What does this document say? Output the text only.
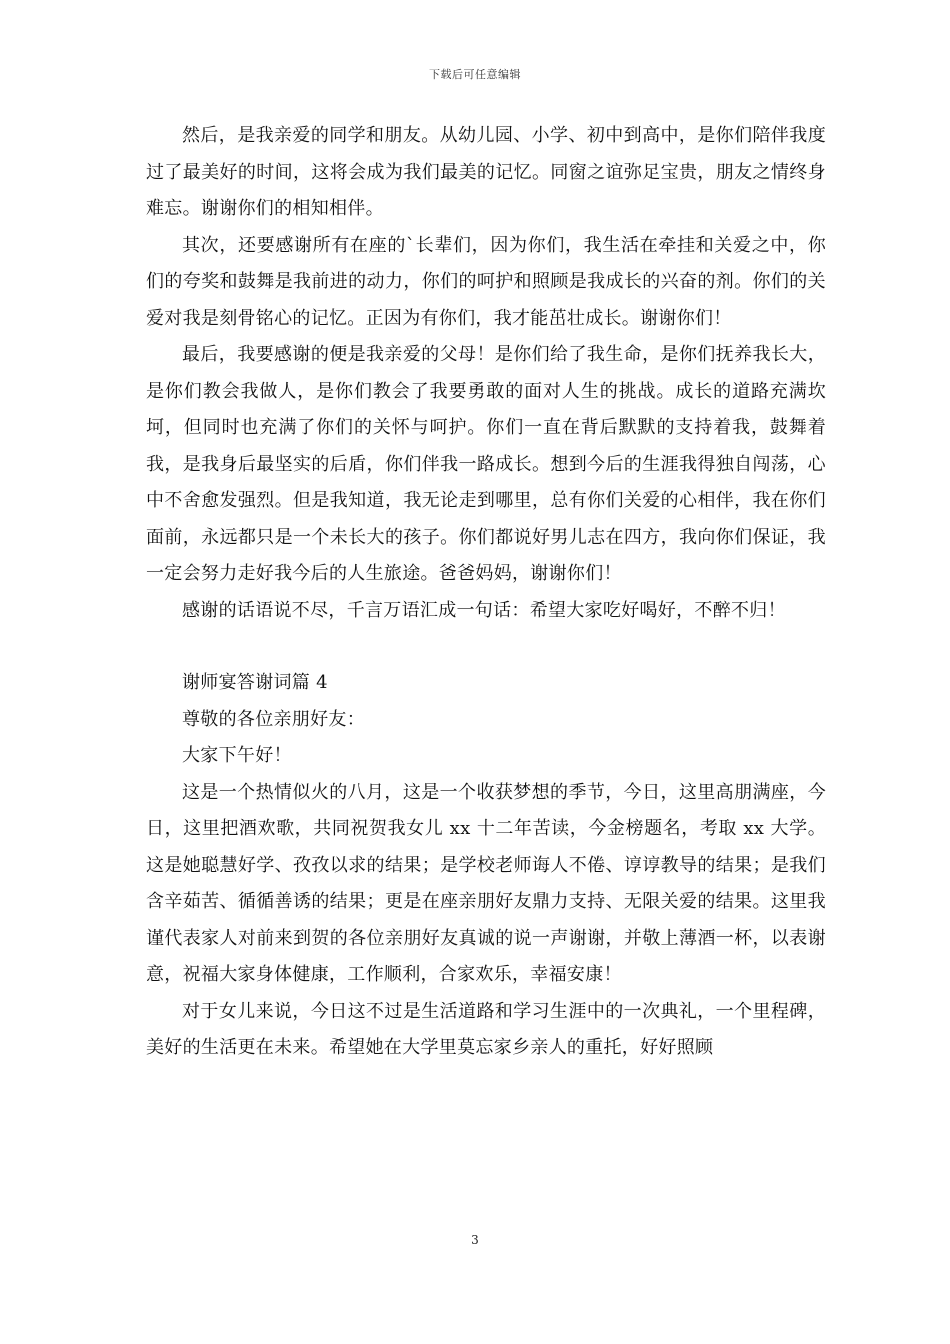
下载后可任意编辑

然后，是我亲爱的同学和朋友。从幼儿园、小学、初中到高中，是你们陪伴我度过了最美好的时间，这将会成为我们最美的记忆。同窗之谊弥足宝贵，朋友之情终身难忘。谢谢你们的相知相伴。

其次，还要感谢所有在座的`长辈们，因为你们，我生活在牵挂和关爱之中，你们的夸奖和鼓舞是我前进的动力，你们的呵护和照顾是我成长的兴奋的剂。你们的关爱对我是刻骨铭心的记忆。正因为有你们，我才能茁壮成长。谢谢你们！

最后，我要感谢的便是我亲爱的父母！是你们给了我生命，是你们抚养我长大，是你们教会我做人，是你们教会了我要勇敢的面对人生的挑战。成长的道路充满坎坷，但同时也充满了你们的关怀与呵护。你们一直在背后默默的支持着我，鼓舞着我，是我身后最坚实的后盾，你们伴我一路成长。想到今后的生涯我得独自闯荡，心中不舍愈发强烈。但是我知道，我无论走到哪里，总有你们关爱的心相伴，我在你们面前，永远都只是一个未长大的孩子。你们都说好男儿志在四方，我向你们保证，我一定会努力走好我今后的人生旅途。爸爸妈妈，谢谢你们！

感谢的话语说不尽，千言万语汇成一句话：希望大家吃好喝好，不醉不归！

谢师宴答谢词篇 4

尊敬的各位亲朋好友：

大家下午好！

这是一个热情似火的八月，这是一个收获梦想的季节，今日，这里高朋满座，今日，这里把酒欢歌，共同祝贺我女儿 xx 十二年苦读，今金榜题名，考取 xx 大学。这是她聪慧好学、孜孜以求的结果；是学校老师诲人不倦、谆谆教导的结果；是我们含辛茹苦、循循善诱的结果；更是在座亲朋好友鼎力支持、无限关爱的结果。这里我谨代表家人对前来到贺的各位亲朋好友真诚的说一声谢谢，并敬上薄酒一杯，以表谢意，祝福大家身体健康，工作顺利，合家欢乐，幸福安康！

对于女儿来说，今日这不过是生活道路和学习生涯中的一次典礼，一个里程碑，美好的生活更在未来。希望她在大学里莫忘家乡亲人的重托，好好照顾

3
